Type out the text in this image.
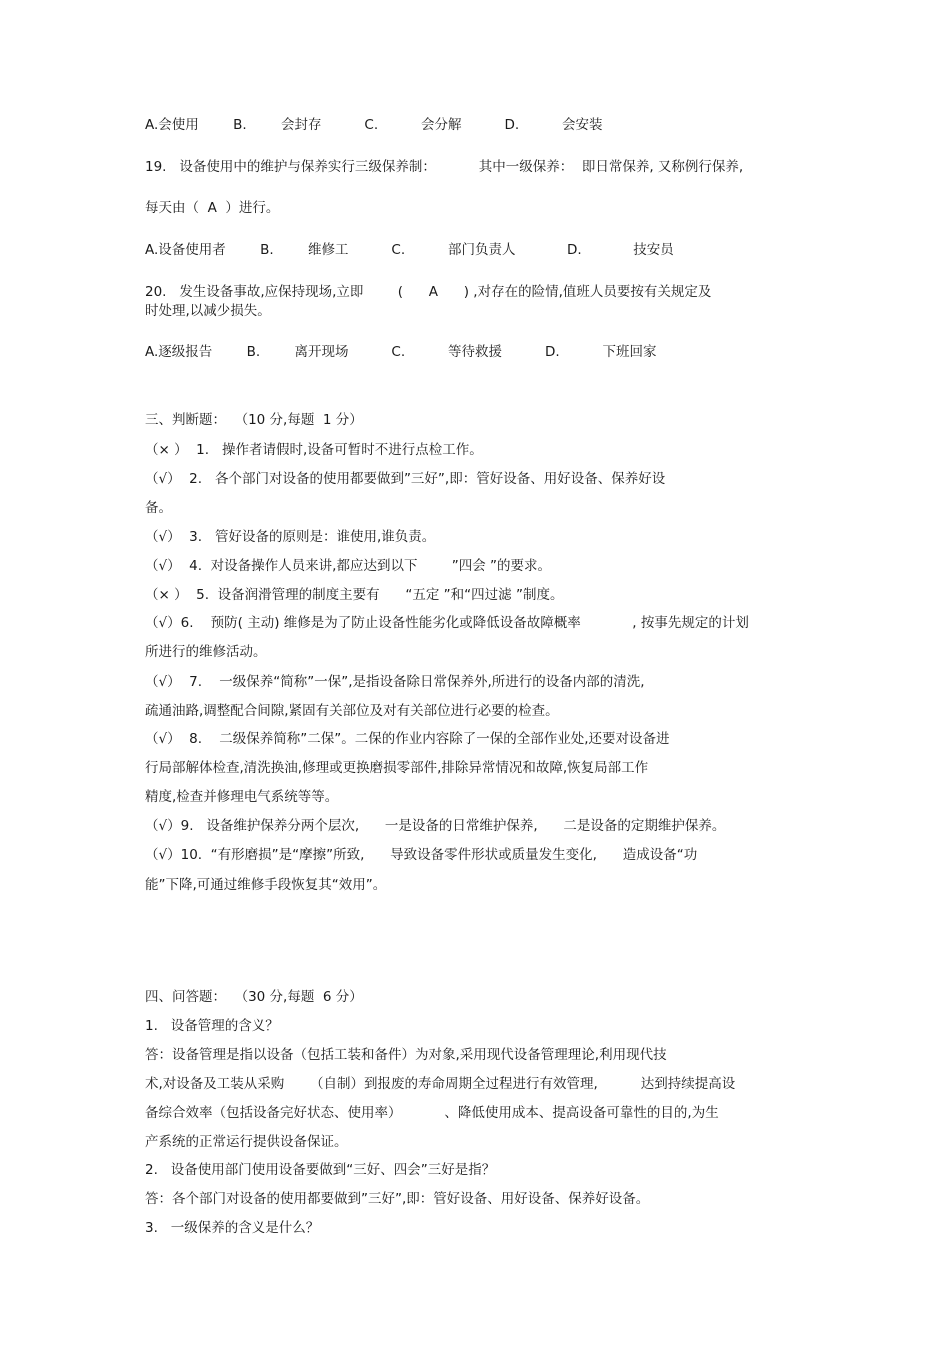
A.会使用        B.        会封存          C.          会分解          D.          会安装
19.   设备使用中的维护与保养实行三级保养制：          其中一级保养：  即日常保养, 又称例行保养,
每天由（  A  ）进行。
A.设备使用者        B.        维修工          C.          部门负责人            D.            技安员
20.   发生设备事故,应保持现场,立即        (      A      ) ,对存在的险情,值班人员要按有关规定及
时处理,以减少损失。
A.逐级报告        B.        离开现场          C.          等待救援          D.          下班回家
三、判断题：  （10 分,每题  1 分）
（× ）  1.   操作者请假时,设备可暂时不进行点检工作。
（√）  2.   各个部门对设备的使用都要做到”三好”,即：管好设备、用好设备、保养好设
备。
（√）  3.   管好设备的原则是：谁使用,谁负责。
（√）  4.  对设备操作人员来讲,都应达到以下        ”四会 ”的要求。
（× ）  5.  设备润滑管理的制度主要有      “五定 ”和“四过滤 ”制度。
（√）6.    预防( 主动) 维修是为了防止设备性能劣化或降低设备故障概率            , 按事先规定的计划
所进行的维修活动。
（√）  7.    一级保养“简称”一保”,是指设备除日常保养外,所进行的设备内部的清洗,
疏通油路,调整配合间隙,紧固有关部位及对有关部位进行必要的检查。
（√）  8.    二级保养简称”二保”。二保的作业内容除了一保的全部作业处,还要对设备进
行局部解体检查,清洗换油,修理或更换磨损零部件,排除异常情况和故障,恢复局部工作
精度,检查并修理电气系统等等。
（√）9.   设备维护保养分两个层次,      一是设备的日常维护保养,      二是设备的定期维护保养。
（√）10.  “有形磨损”是“摩擦”所致,      导致设备零件形状或质量发生变化,      造成设备“功
能”下降,可通过维修手段恢复其“效用”。
四、问答题：  （30 分,每题  6 分）
1.   设备管理的含义？
答：设备管理是指以设备（包括工装和备件）为对象,采用现代设备管理理论,利用现代技
术,对设备及工装从采购      （自制）到报废的寿命周期全过程进行有效管理,          达到持续提高设
备综合效率（包括设备完好状态、使用率）          、降低使用成本、提高设备可靠性的目的,为生
产系统的正常运行提供设备保证。
2.   设备使用部门使用设备要做到“三好、四会”三好是指？
答：各个部门对设备的使用都要做到”三好”,即：管好设备、用好设备、保养好设备。
3.   一级保养的含义是什么？
